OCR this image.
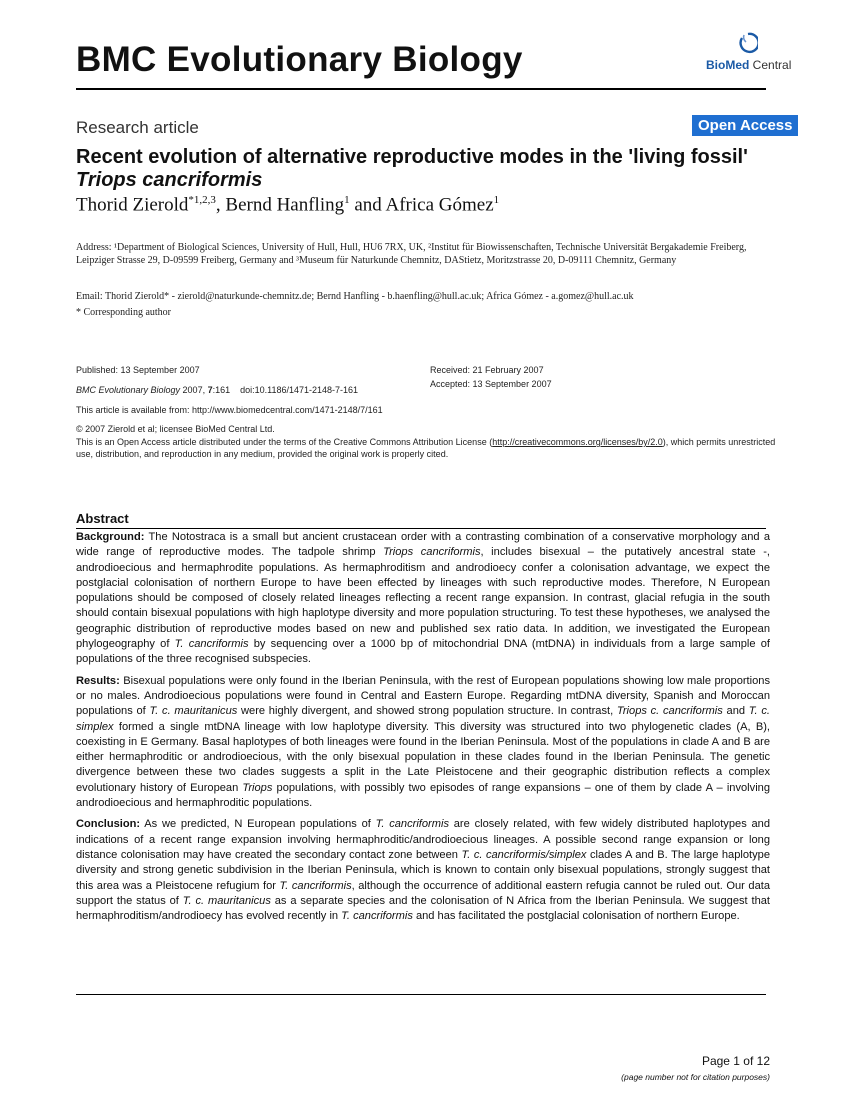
BMC Evolutionary Biology	BioMed Central
Research article	Open Access
Recent evolution of alternative reproductive modes in the 'living fossil' Triops cancriformis
Thorid Zierold$^{*1,2,3}$, Bernd Hanfling$^1$ and Africa Gómez$^1$
Address: ¹Department of Biological Sciences, University of Hull, Hull, HU6 7RX, UK, ²Institut für Biowissenschaften, Technische Universität Bergakademie Freiberg, Leipziger Strasse 29, D-09599 Freiberg, Germany and ³Museum für Naturkunde Chemnitz, DAStietz, Moritzstrasse 20, D-09111 Chemnitz, Germany
Email: Thorid Zierold* - zierold@naturkunde-chemnitz.de; Bernd Hanfling - b.haenfling@hull.ac.uk; Africa Gómez - a.gomez@hull.ac.uk
* Corresponding author
Published: 13 September 2007
BMC Evolutionary Biology 2007, 7:161    doi:10.1186/1471-2148-7-161
Received: 21 February 2007
Accepted: 13 September 2007
This article is available from: http://www.biomedcentral.com/1471-2148/7/161
© 2007 Zierold et al; licensee BioMed Central Ltd.
This is an Open Access article distributed under the terms of the Creative Commons Attribution License (http://creativecommons.org/licenses/by/2.0), which permits unrestricted use, distribution, and reproduction in any medium, provided the original work is properly cited.
Abstract

Background: The Notostraca is a small but ancient crustacean order with a contrasting combination of a conservative morphology and a wide range of reproductive modes. The tadpole shrimp Triops cancriformis, includes bisexual – the putatively ancestral state -, androdioecious and hermaphrodite populations. As hermaphroditism and androdioecy confer a colonisation advantage, we expect the postglacial colonisation of northern Europe to have been effected by lineages with such reproductive modes. Therefore, N European populations should be composed of closely related lineages reflecting a recent range expansion. In contrast, glacial refugia in the south should contain bisexual populations with high haplotype diversity and more population structuring. To test these hypotheses, we analysed the geographic distribution of reproductive modes based on new and published sex ratio data. In addition, we investigated the European phylogeography of T. cancriformis by sequencing over a 1000 bp of mitochondrial DNA (mtDNA) in individuals from a large sample of populations of the three recognised subspecies.

Results: Bisexual populations were only found in the Iberian Peninsula, with the rest of European populations showing low male proportions or no males. Androdioecious populations were found in Central and Eastern Europe. Regarding mtDNA diversity, Spanish and Moroccan populations of T. c. mauritanicus were highly divergent, and showed strong population structure. In contrast, Triops c. cancriformis and T. c. simplex formed a single mtDNA lineage with low haplotype diversity. This diversity was structured into two phylogenetic clades (A, B), coexisting in E Germany. Basal haplotypes of both lineages were found in the Iberian Peninsula. Most of the populations in clade A and B are either hermaphroditic or androdioecious, with the only bisexual population in these clades found in the Iberian Peninsula. The genetic divergence between these two clades suggests a split in the Late Pleistocene and their geographic distribution reflects a complex evolutionary history of European Triops populations, with possibly two episodes of range expansions – one of them by clade A – involving androdioecious and hermaphroditic populations.

Conclusion: As we predicted, N European populations of T. cancriformis are closely related, with few widely distributed haplotypes and indications of a recent range expansion involving hermaphroditic/androdioecious lineages. A possible second range expansion or long distance colonisation may have created the secondary contact zone between T. c. cancriformis/simplex clades A and B. The large haplotype diversity and strong genetic subdivision in the Iberian Peninsula, which is known to contain only bisexual populations, strongly suggest that this area was a Pleistocene refugium for T. cancriformis, although the occurrence of additional eastern refugia cannot be ruled out. Our data support the status of T. c. mauritanicus as a separate species and the colonisation of N Africa from the Iberian Peninsula. We suggest that hermaphroditism/androdioecy has evolved recently in T. cancriformis and has facilitated the postglacial colonisation of northern Europe.

Page 1 of 12
(page number not for citation purposes)
